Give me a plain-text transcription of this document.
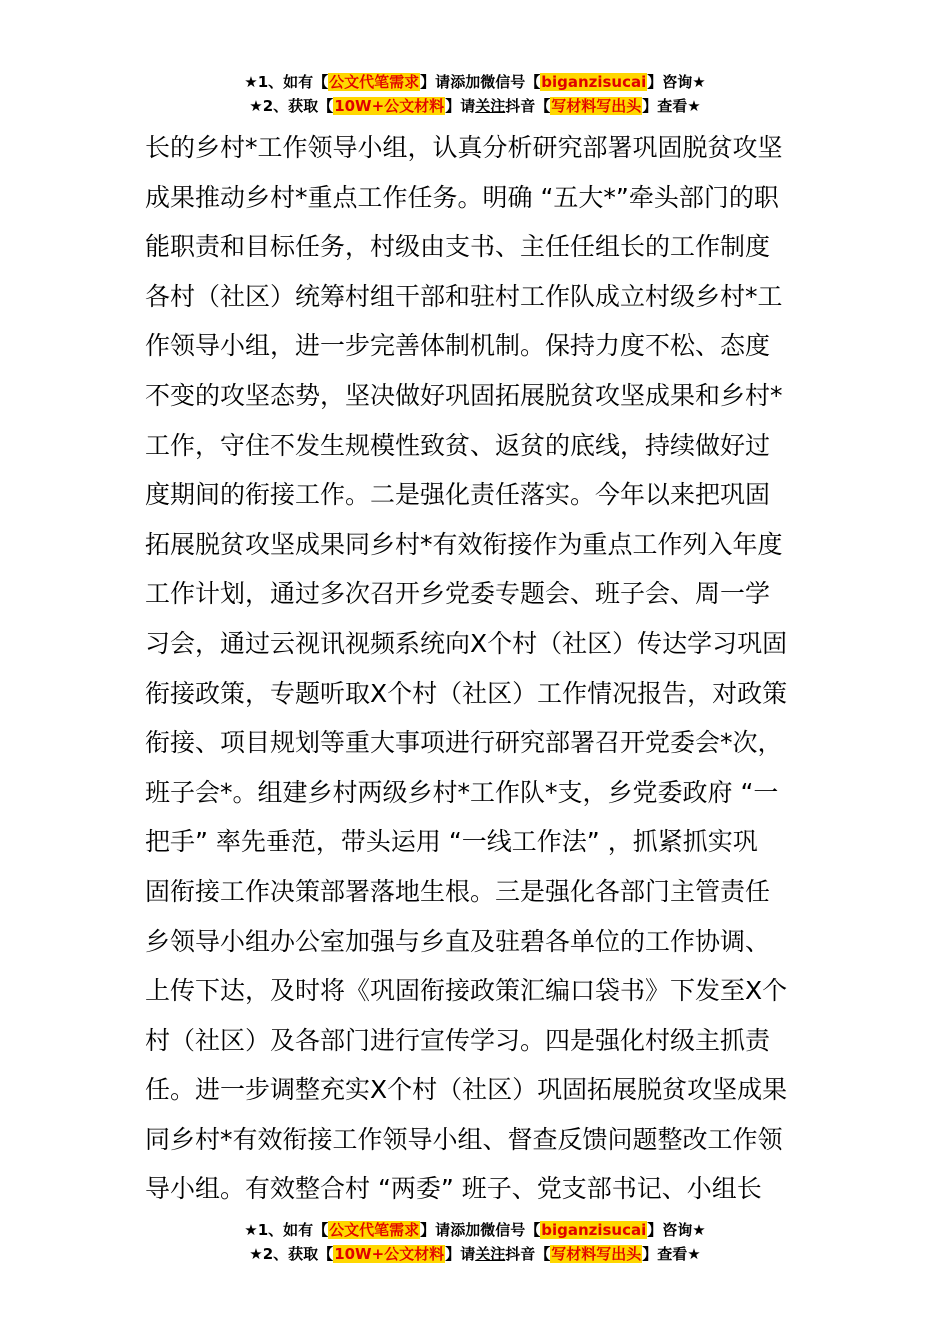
★1、如有【公文代笔需求】请添加微信号【biganzisucai】咨询★
★2、获取【10W+公文材料】请关注抖音【写材料写出头】查看★
长的乡村*工作领导小组，认真分析研究部署巩固脱贫攻坚
成果推动乡村*重点工作任务。明确 “五大*”牵头部门的职
能职责和目标任务，村级由支书、主任任组长的工作制度
各村（社区）统筹村组干部和驻村工作队成立村级乡村*工
作领导小组，进一步完善体制机制。保持力度不松、态度
不变的攻坚态势，坚决做好巩固拓展脱贫攻坚成果和乡村*
工作，守住不发生规模性致贫、返贫的底线，持续做好过
度期间的衔接工作。二是强化责任落实。今年以来把巩固
拓展脱贫攻坚成果同乡村*有效衔接作为重点工作列入年度
工作计划，通过多次召开乡党委专题会、班子会、周一学
习会，通过云视讯视频系统向X个村（社区）传达学习巩固
衔接政策，专题听取X个村（社区）工作情况报告，对政策
衔接、项目规划等重大事项进行研究部署召开党委会*次，
班子会*。组建乡村两级乡村*工作队*支，乡党委政府 “一
把手” 率先垂范，带头运用 “一线工作法” ，抓紧抓实巩
固衔接工作决策部署落地生根。三是强化各部门主管责任
乡领导小组办公室加强与乡直及驻碧各单位的工作协调、
上传下达，及时将《巩固衔接政策汇编口袋书》下发至X个
村（社区）及各部门进行宣传学习。四是强化村级主抓责
任。进一步调整充实X个村（社区）巩固拓展脱贫攻坚成果
同乡村*有效衔接工作领导小组、督查反馈问题整改工作领
导小组。有效整合村 “两委” 班子、党支部书记、小组长
★1、如有【公文代笔需求】请添加微信号【biganzisucai】咨询★
★2、获取【10W+公文材料】请关注抖音【写材料写出头】查看★
